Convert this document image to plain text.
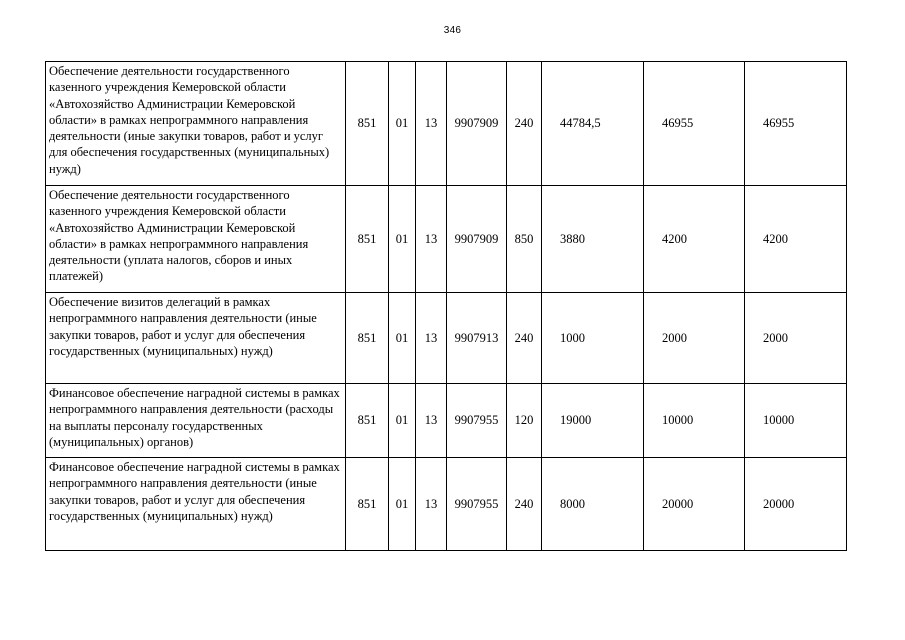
346
Обеспечение деятельности государственного казенного учреждения Кемеровской области «Автохозяйство Администрации Кемеровской области» в рамках непрограммного направления деятельности (иные закупки товаров, работ и услуг для обеспечения государственных (муниципальных) нужд)	851	01	13	9907909	240	44784,5	46955	46955
Обеспечение деятельности государственного казенного учреждения Кемеровской области «Автохозяйство Администрации Кемеровской области» в рамках непрограммного направления деятельности (уплата налогов, сборов и иных платежей)	851	01	13	9907909	850	3880	4200	4200
Обеспечение визитов делегаций в рамках непрограммного направления деятельности (иные закупки товаров, работ и услуг для обеспечения государственных (муниципальных) нужд)	851	01	13	9907913	240	1000	2000	2000
Финансовое обеспечение наградной системы в рамках непрограммного направления деятельности (расходы на выплаты персоналу государственных (муниципальных) органов)	851	01	13	9907955	120	19000	10000	10000
Финансовое обеспечение наградной системы в рамках непрограммного направления деятельности (иные закупки товаров, работ и услуг для обеспечения государственных (муниципальных) нужд)	851	01	13	9907955	240	8000	20000	20000
